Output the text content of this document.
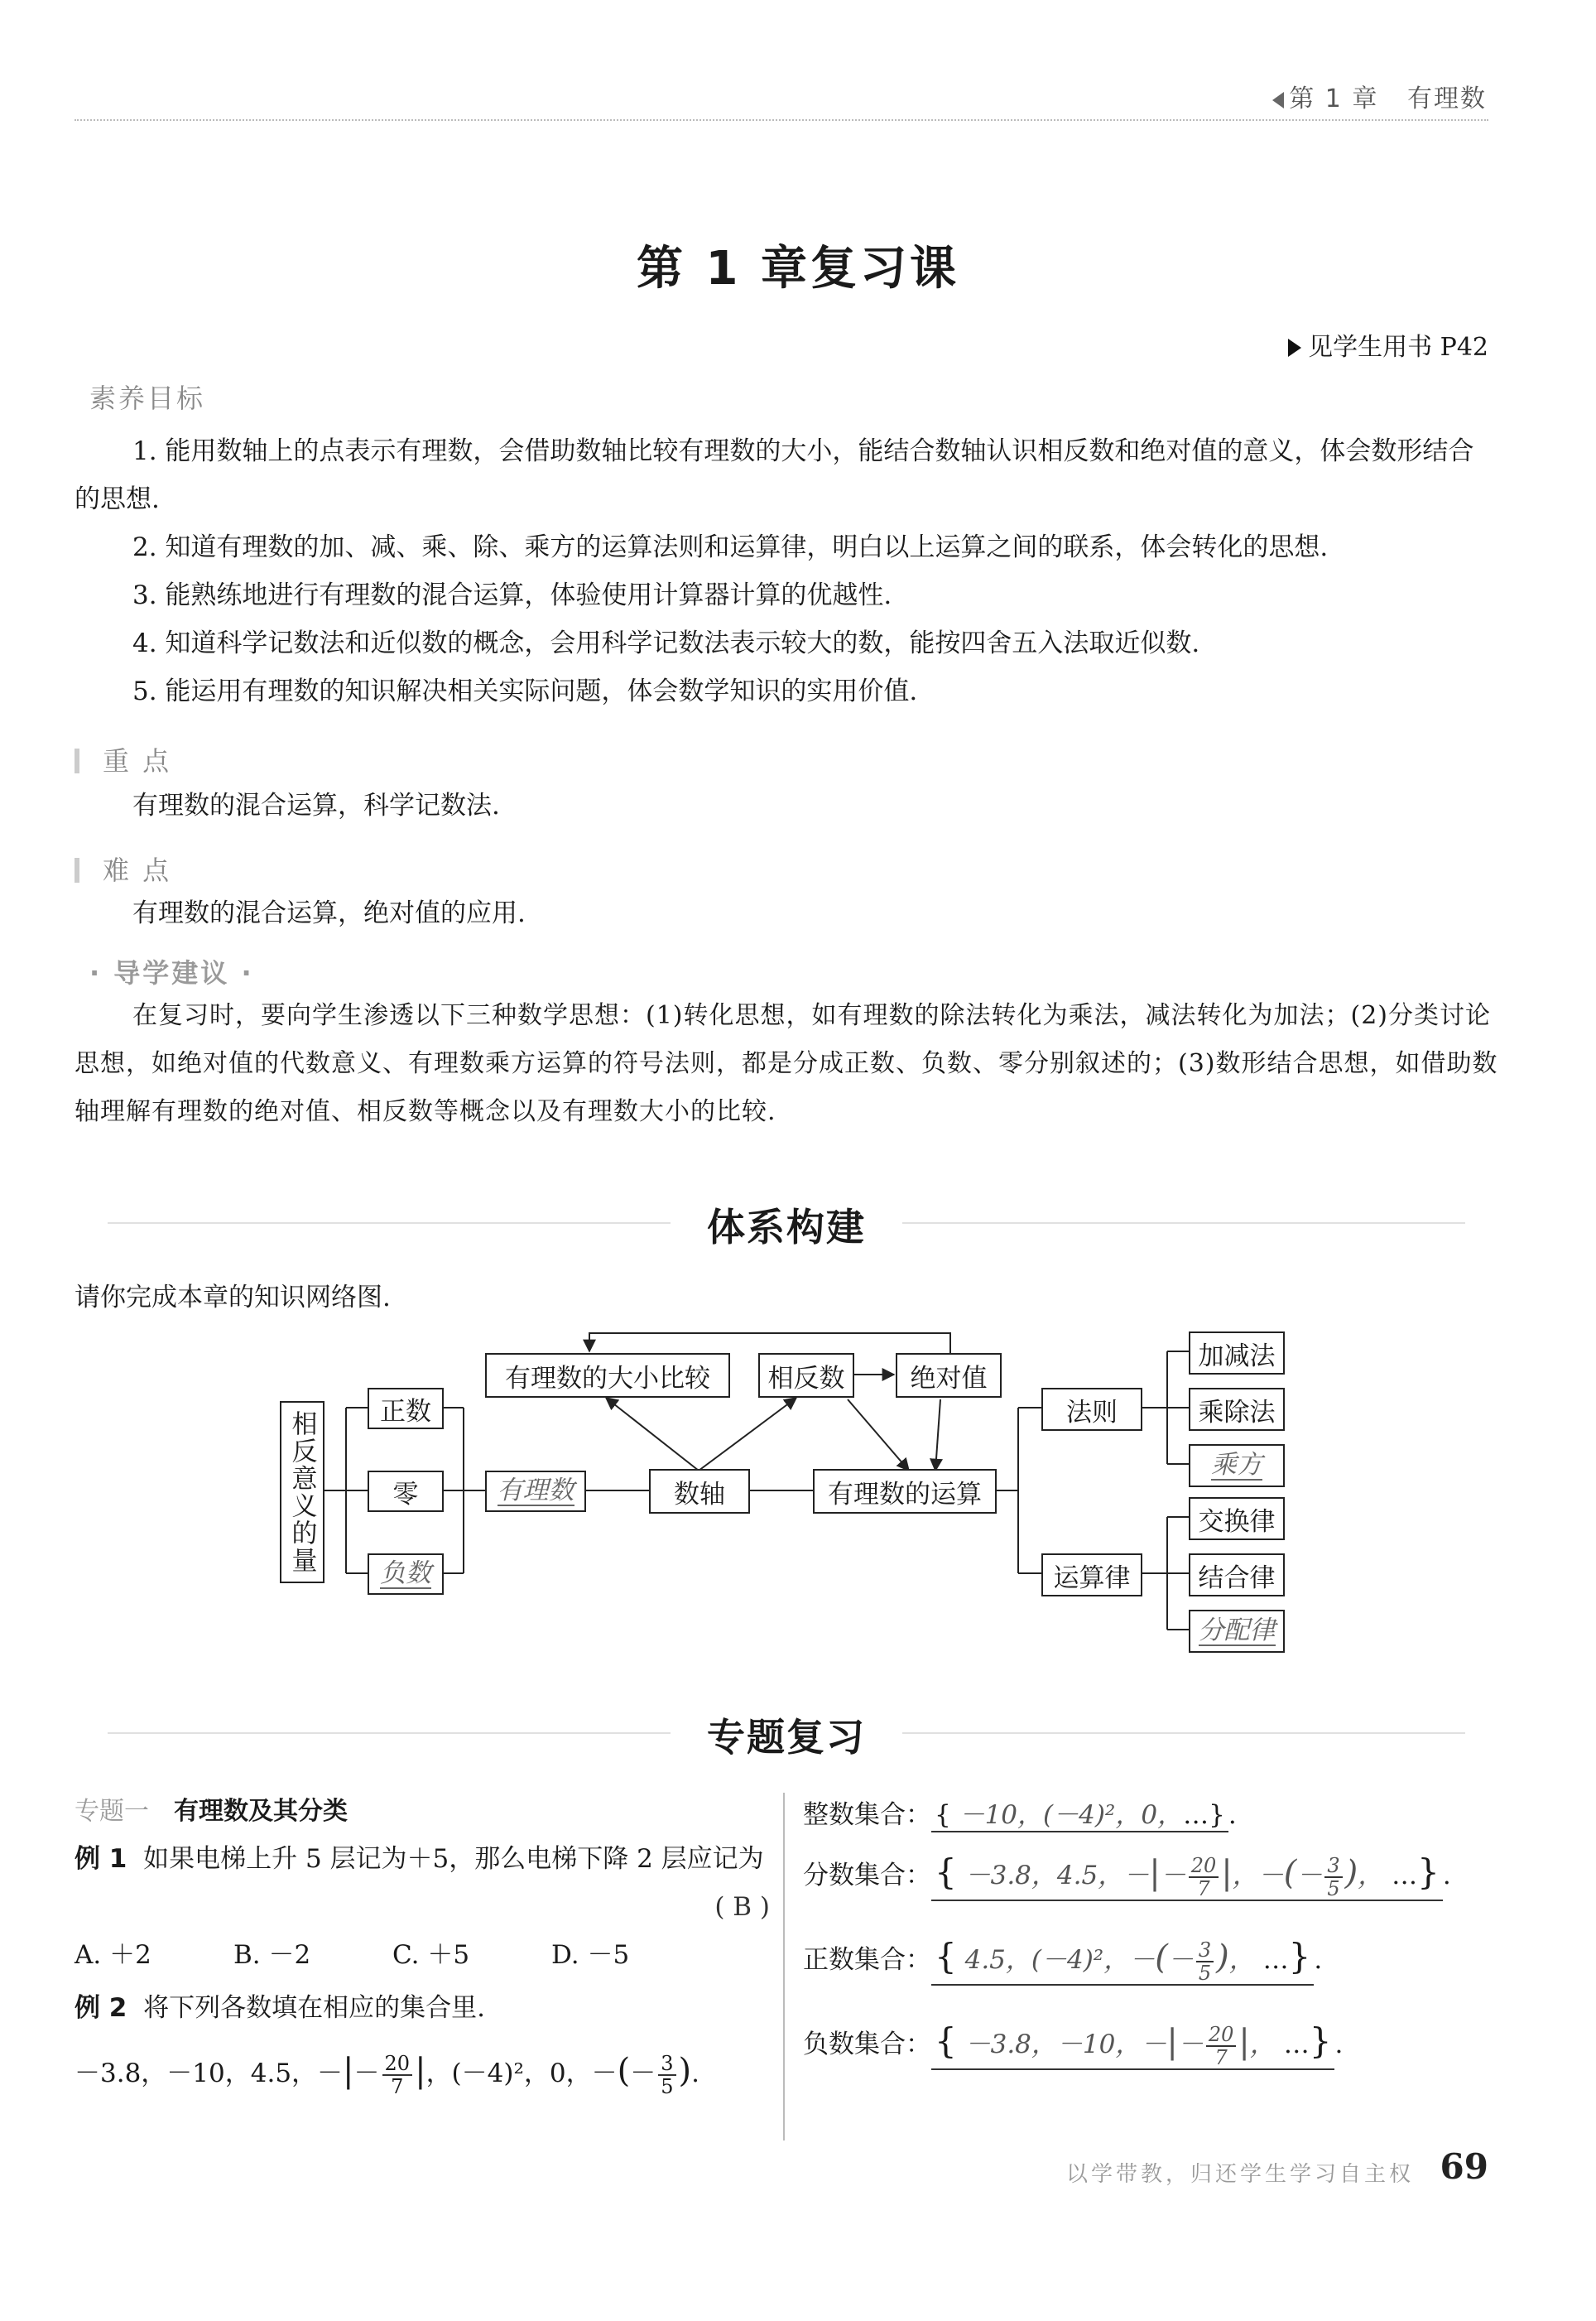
第 1 章 有理数
第 1 章复习课
见学生用书 P42
素养目标
1. 能用数轴上的点表示有理数，会借助数轴比较有理数的大小，能结合数轴认识相反数和绝对值的意义，体会数形结合的思想.
2. 知道有理数的加、减、乘、除、乘方的运算法则和运算律，明白以上运算之间的联系，体会转化的思想.
3. 能熟练地进行有理数的混合运算，体验使用计算器计算的优越性.
4. 知道科学记数法和近似数的概念，会用科学记数法表示较大的数，能按四舍五入法取近似数.
5. 能运用有理数的知识解决相关实际问题，体会数学知识的实用价值.
重 点
有理数的混合运算，科学记数法.
难 点
有理数的混合运算，绝对值的应用.
· 导学建议 ·
在复习时，要向学生渗透以下三种数学思想：(1)转化思想，如有理数的除法转化为乘法，减法转化为加法；(2)分类讨论思想，如绝对值的代数意义、有理数乘方运算的符号法则，都是分成正数、负数、零分别叙述的；(3)数形结合思想，如借助数轴理解有理数的绝对值、相反数等概念以及有理数大小的比较.
体系构建
请你完成本章的知识网络图.
相反意义的量	正数
零
负数
有理数	数轴
有理数的大小比较	相反数	绝对值
有理数的运算
法则
运算律
加减法
乘除法
乘方
交换律
结合律
分配律
专题复习
专题一 有理数及其分类
例 1 如果电梯上升 5 层记为＋5，那么电梯下降 2 层应记为
( B )
A. ＋2	B. －2	C. ＋5	D. －5
例 2 将下列各数填在相应的集合里.
－3.8，－10，4.5，－|－ $\frac{20}{7}$ |，(－4)²，0，－(－ $\frac{3}{5}$ ).
整数集合： { －10，(－4)²，0，…} .
分数集合：{ －3.8，4.5，－|－ $\frac{20}{7}$ |，－(－ $\frac{3}{5}$ )， …} .
正数集合：{ 4.5，(－4)²，－(－ $\frac{3}{5}$ )， …} .
负数集合：{ －3.8，－10，－|－ $\frac{20}{7}$ |， …} .
以学带教，归还学生学习自主权 69
